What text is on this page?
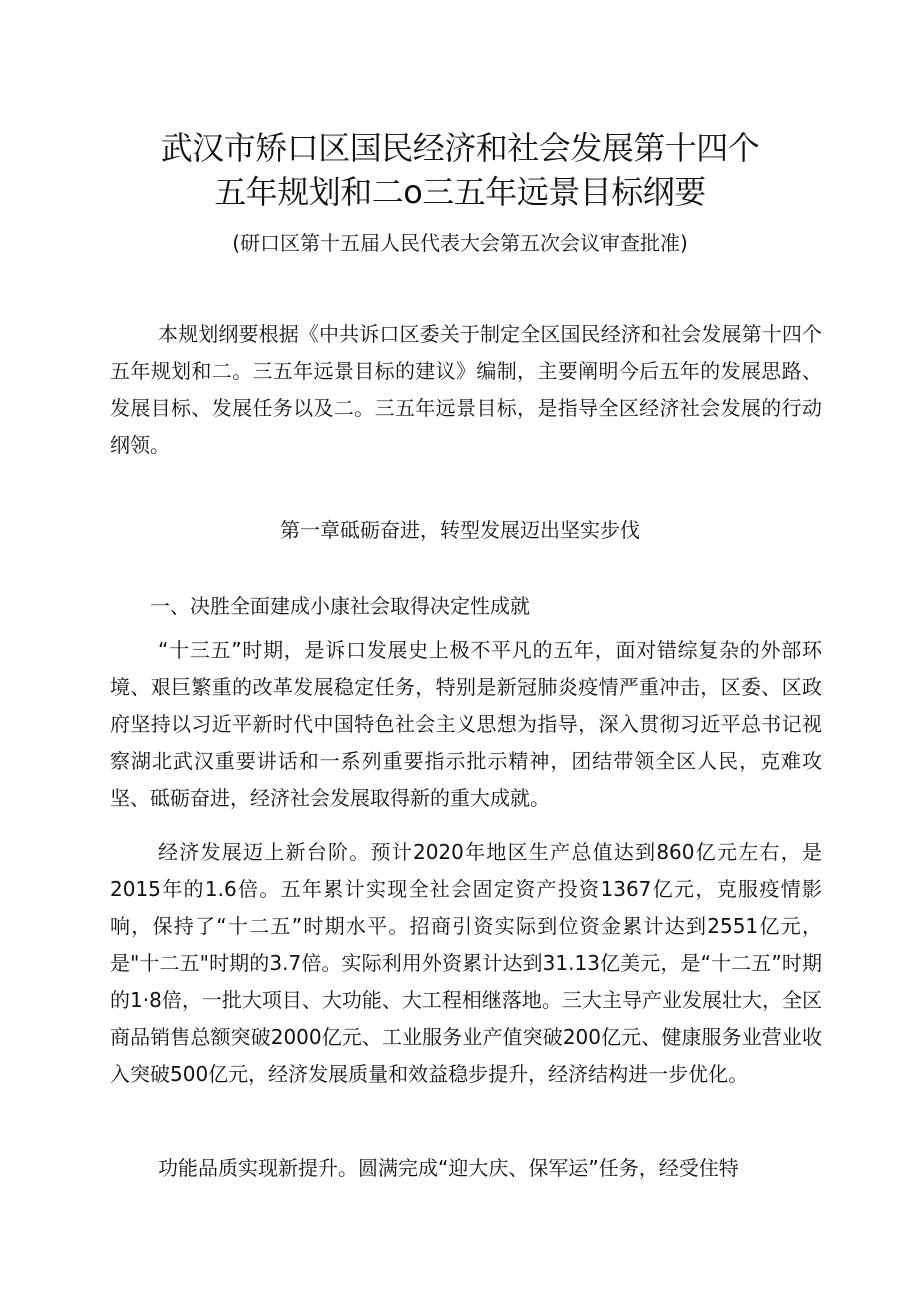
武汉市矫口区国民经济和社会发展第十四个
五年规划和二o三五年远景目标纲要
(研口区第十五届人民代表大会第五次会议审查批准)
本规划纲要根据《中共诉口区委关于制定全区国民经济和社会发展第十四个五年规划和二。三五年远景目标的建议》编制，主要阐明今后五年的发展思路、发展目标、发展任务以及二。三五年远景目标，是指导全区经济社会发展的行动纲领。
第一章砥砺奋进，转型发展迈出坚实步伐
一、决胜全面建成小康社会取得决定性成就
“十三五”时期，是诉口发展史上极不平凡的五年，面对错综复杂的外部环境、艰巨繁重的改革发展稳定任务，特别是新冠肺炎疫情严重冲击，区委、区政府坚持以习近平新时代中国特色社会主义思想为指导，深入贯彻习近平总书记视察湖北武汉重要讲话和一系列重要指示批示精神，团结带领全区人民，克难攻坚、砥砺奋进，经济社会发展取得新的重大成就。
经济发展迈上新台阶。预计2020年地区生产总值达到860亿元左右，是2015年的1.6倍。五年累计实现全社会固定资产投资1367亿元，克服疫情影响，保持了“十二五”时期水平。招商引资实际到位资金累计达到2551亿元，是"十二五"时期的3.7倍。实际利用外资累计达到31.13亿美元，是“十二五”时期的1·8倍，一批大项目、大功能、大工程相继落地。三大主导产业发展壮大，全区商品销售总额突破2000亿元、工业服务业产值突破200亿元、健康服务业营业收入突破500亿元，经济发展质量和效益稳步提升，经济结构进一步优化。
功能品质实现新提升。圆满完成“迎大庆、保军运”任务，经受住特
